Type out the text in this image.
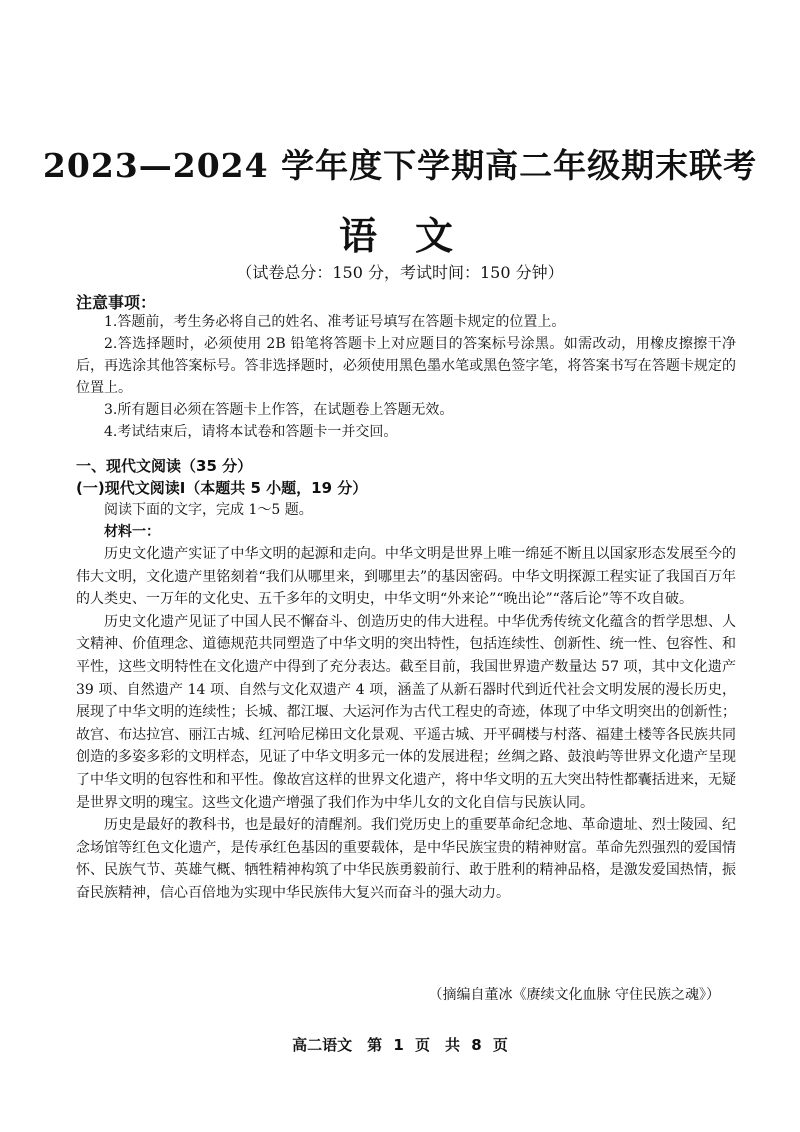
2023—2024 学年度下学期高二年级期末联考
语文
（试卷总分：150 分，考试时间：150 分钟）
注意事项：

1.答题前，考生务必将自己的姓名、准考证号填写在答题卡规定的位置上。

2.答选择题时，必须使用 2B 铅笔将答题卡上对应题目的答案标号涂黑。如需改动，用橡皮擦擦干净后，再选涂其他答案标号。答非选择题时，必须使用黑色墨水笔或黑色签字笔，将答案书写在答题卡规定的位置上。

3.所有题目必须在答题卡上作答，在试题卷上答题无效。

4.考试结束后，请将本试卷和答题卡一并交回。

一、现代文阅读（35 分）
(一)现代文阅读Ⅰ（本题共 5 小题，19 分）
阅读下面的文字，完成 1～5 题。
材料一：

历史文化遗产实证了中华文明的起源和走向。中华文明是世界上唯一绵延不断且以国家形态发展至今的伟大文明，文化遗产里铭刻着“我们从哪里来，到哪里去”的基因密码。中华文明探源工程实证了我国百万年的人类史、一万年的文化史、五千多年的文明史，中华文明“外来论”“晚出论”“落后论”等不攻自破。

历史文化遗产见证了中国人民不懈奋斗、创造历史的伟大进程。中华优秀传统文化蕴含的哲学思想、人文精神、价值理念、道德规范共同塑造了中华文明的突出特性，包括连续性、创新性、统一性、包容性、和平性，这些文明特性在文化遗产中得到了充分表达。截至目前，我国世界遗产数量达 57 项，其中文化遗产 39 项、自然遗产 14 项、自然与文化双遗产 4 项，涵盖了从新石器时代到近代社会文明发展的漫长历史，展现了中华文明的连续性；长城、都江堰、大运河作为古代工程史的奇迹，体现了中华文明突出的创新性；故宫、布达拉宫、丽江古城、红河哈尼梯田文化景观、平遥古城、开平碉楼与村落、福建土楼等各民族共同创造的多姿多彩的文明样态，见证了中华文明多元一体的发展进程；丝绸之路、鼓浪屿等世界文化遗产呈现了中华文明的包容性和和平性。像故宫这样的世界文化遗产，将中华文明的五大突出特性都囊括进来，无疑是世界文明的瑰宝。这些文化遗产增强了我们作为中华儿女的文化自信与民族认同。

历史是最好的教科书，也是最好的清醒剂。我们党历史上的重要革命纪念地、革命遗址、烈士陵园、纪念场馆等红色文化遗产，是传承红色基因的重要载体，是中华民族宝贵的精神财富。革命先烈强烈的爱国情怀、民族气节、英雄气概、牺牲精神构筑了中华民族勇毅前行、敢于胜利的精神品格，是激发爱国热情，振奋民族精神，信心百倍地为实现中华民族伟大复兴而奋斗的强大动力。

（摘编自董冰《赓续文化血脉 守住民族之魂》）
高二语文　第 1 页　共 8 页
